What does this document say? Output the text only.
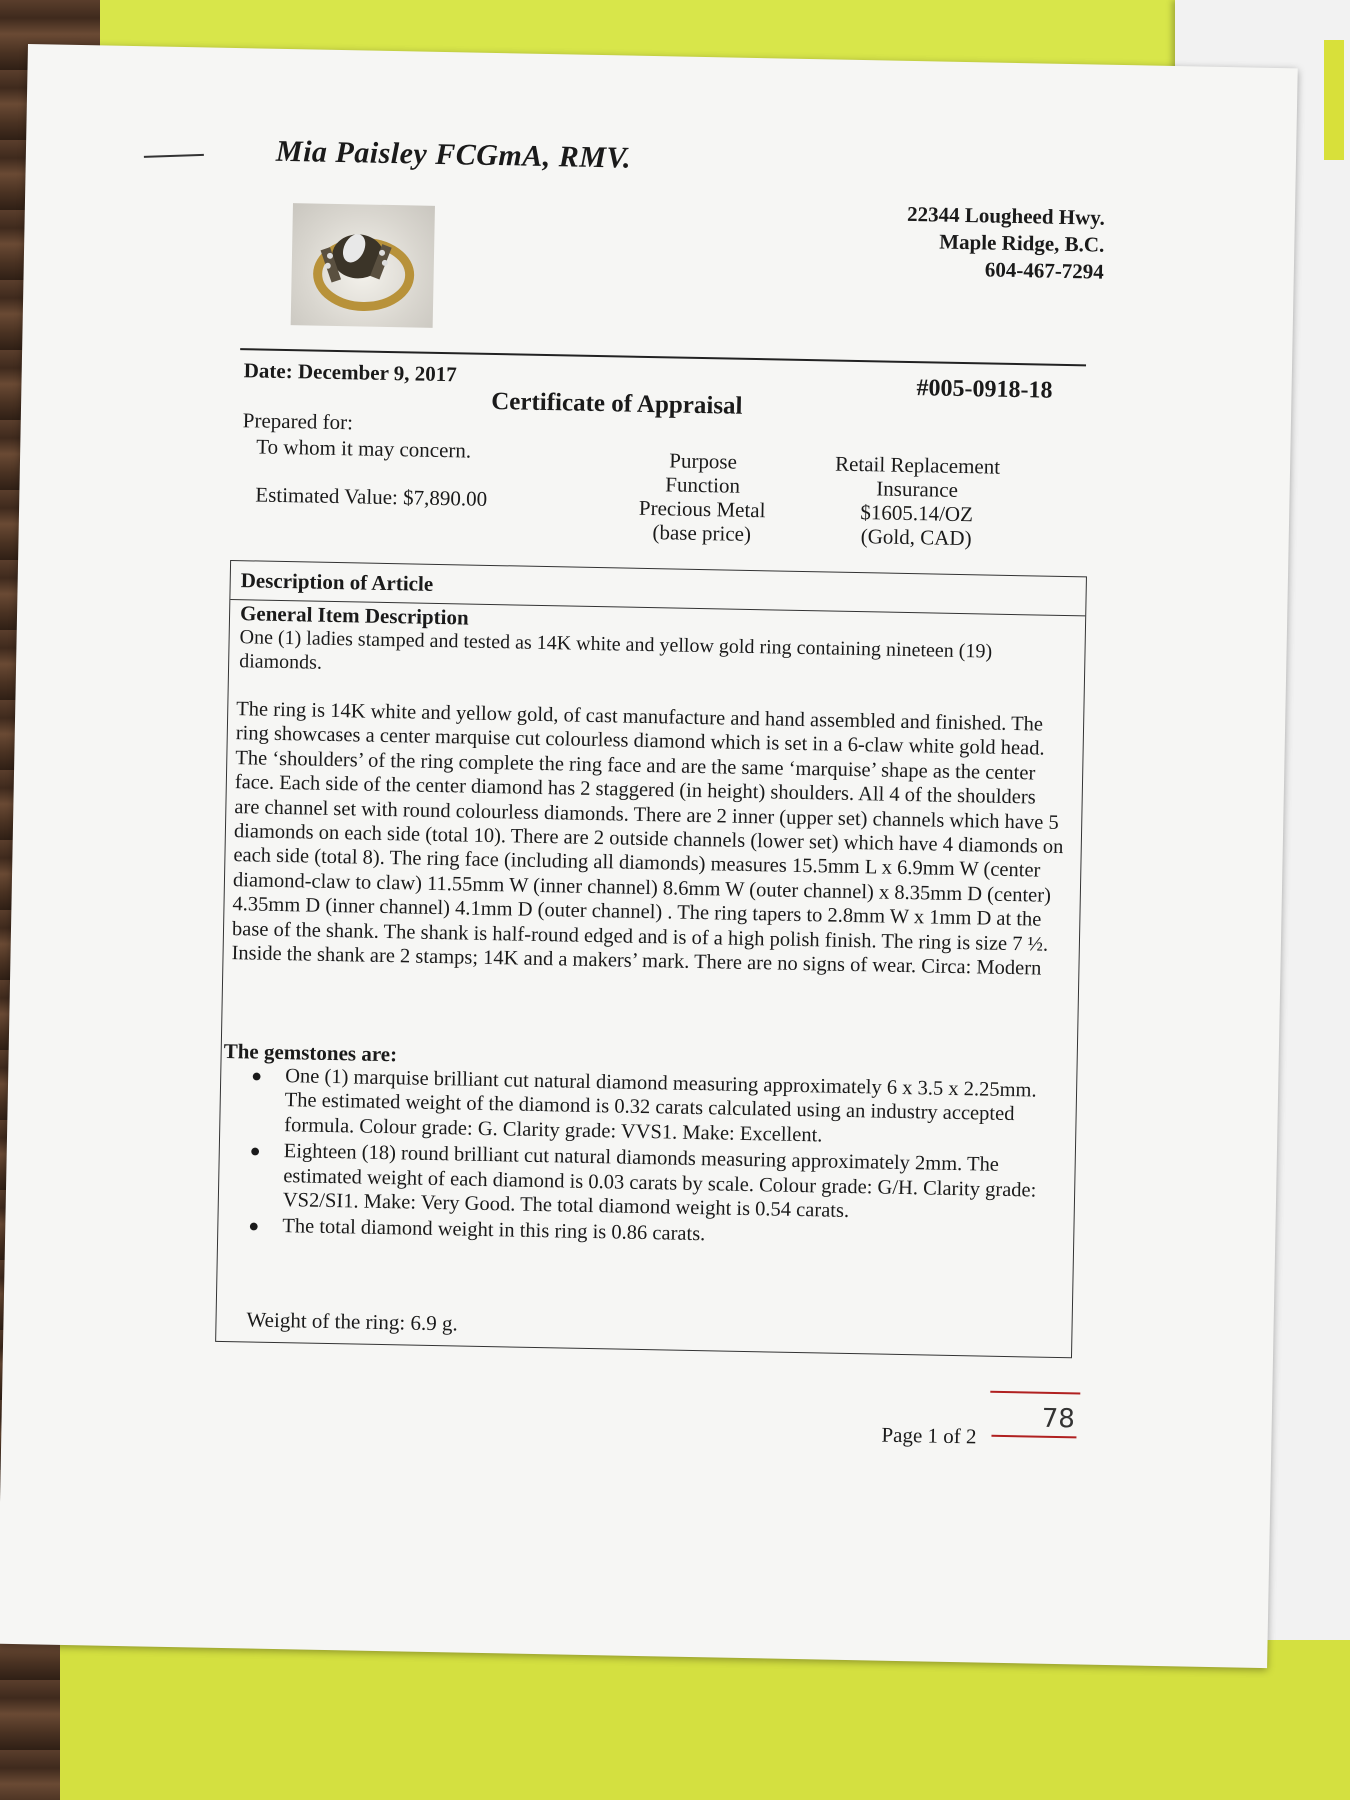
Mia Paisley FCGmA, RMV.
22344 Lougheed Hwy.
Maple Ridge, B.C.
604-467-7294
Date: December 9, 2017
#005-0918-18
Certificate of Appraisal
Prepared for:
To whom it may concern.
Estimated Value: $7,890.00
Purpose
Function
Precious Metal
(base price)
Retail Replacement
Insurance
$1605.14/OZ
(Gold, CAD)
Description of Article
General Item Description
One (1) ladies stamped and tested as 14K white and yellow gold ring containing nineteen (19) diamonds.
The ring is 14K white and yellow gold, of cast manufacture and hand assembled and finished. The ring showcases a center marquise cut colourless diamond which is set in a 6-claw white gold head. The ‘shoulders’ of the ring complete the ring face and are the same ‘marquise’ shape as the center face. Each side of the center diamond has 2 staggered (in height) shoulders. All 4 of the shoulders are channel set with round colourless diamonds. There are 2 inner (upper set) channels which have 5 diamonds on each side (total 10). There are 2 outside channels (lower set) which have 4 diamonds on each side (total 8). The ring face (including all diamonds) measures 15.5mm L x 6.9mm W (center diamond-claw to claw) 11.55mm W (inner channel) 8.6mm W (outer channel) x 8.35mm D (center) 4.35mm D (inner channel) 4.1mm D (outer channel) . The ring tapers to 2.8mm W x 1mm D at the base of the shank. The shank is half-round edged and is of a high polish finish. The ring is size 7 ½. Inside the shank are 2 stamps; 14K and a makers’ mark. There are no signs of wear. Circa: Modern
The gemstones are:
● One (1) marquise brilliant cut natural diamond measuring approximately 6 x 3.5 x 2.25mm. The estimated weight of the diamond is 0.32 carats calculated using an industry accepted formula. Colour grade: G. Clarity grade: VVS1. Make: Excellent.
● Eighteen (18) round brilliant cut natural diamonds measuring approximately 2mm. The estimated weight of each diamond is 0.03 carats by scale. Colour grade: G/H. Clarity grade: VS2/SI1. Make: Very Good. The total diamond weight is 0.54 carats.
● The total diamond weight in this ring is 0.86 carats.
Weight of the ring: 6.9 g.
Page 1 of 2
78
